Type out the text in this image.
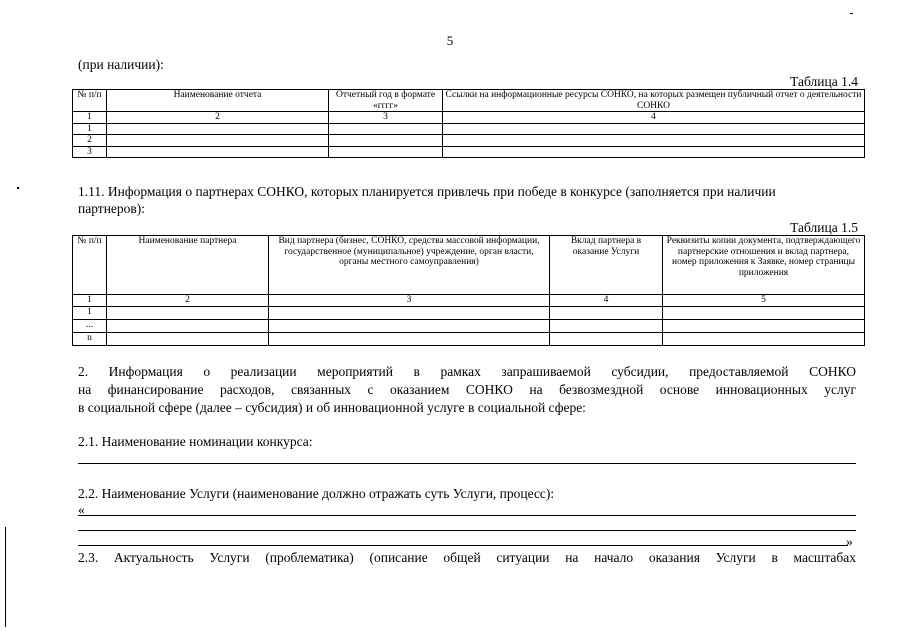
5
(при наличии):
Таблица 1.4
№ п/п	Наименование отчета	Отчетный год в формате «гггг»	Ссылки на информационные ресурсы СОНКО, на которых размещен публичный отчет о деятельности СОНКО
1	2	3	4
1			
2			
3			
1.11. Информация о партнерах СОНКО, которых планируется привлечь при победе в конкурсе (заполняется при наличии
партнеров):
Таблица 1.5
№ п/п	Наименование партнера	Вид партнера (бизнес, СОНКО, средства массовой информации, государственное (муниципальное) учреждение, орган власти, органы местного самоуправления)	Вклад партнера в оказание Услуги	Реквизиты копии документа, подтверждающего партнерские отношения и вклад партнера, номер приложения к Заявке, номер страницы приложения
1	2	3	4	5
1				
...				
n				
2. Информация о реализации мероприятий в рамках запрашиваемой субсидии, предоставляемой СОНКО
на финансирование расходов, связанных с оказанием СОНКО на безвозмездной основе инновационных услуг
в социальной сфере (далее – субсидия) и об инновационной услуге в социальной сфере:
2.1. Наименование номинации конкурса:
2.2. Наименование Услуги (наименование должно отражать суть Услуги, процесс):
«
»
2.3. Актуальность Услуги (проблематика) (описание общей ситуации на начало оказания Услуги в масштабах
